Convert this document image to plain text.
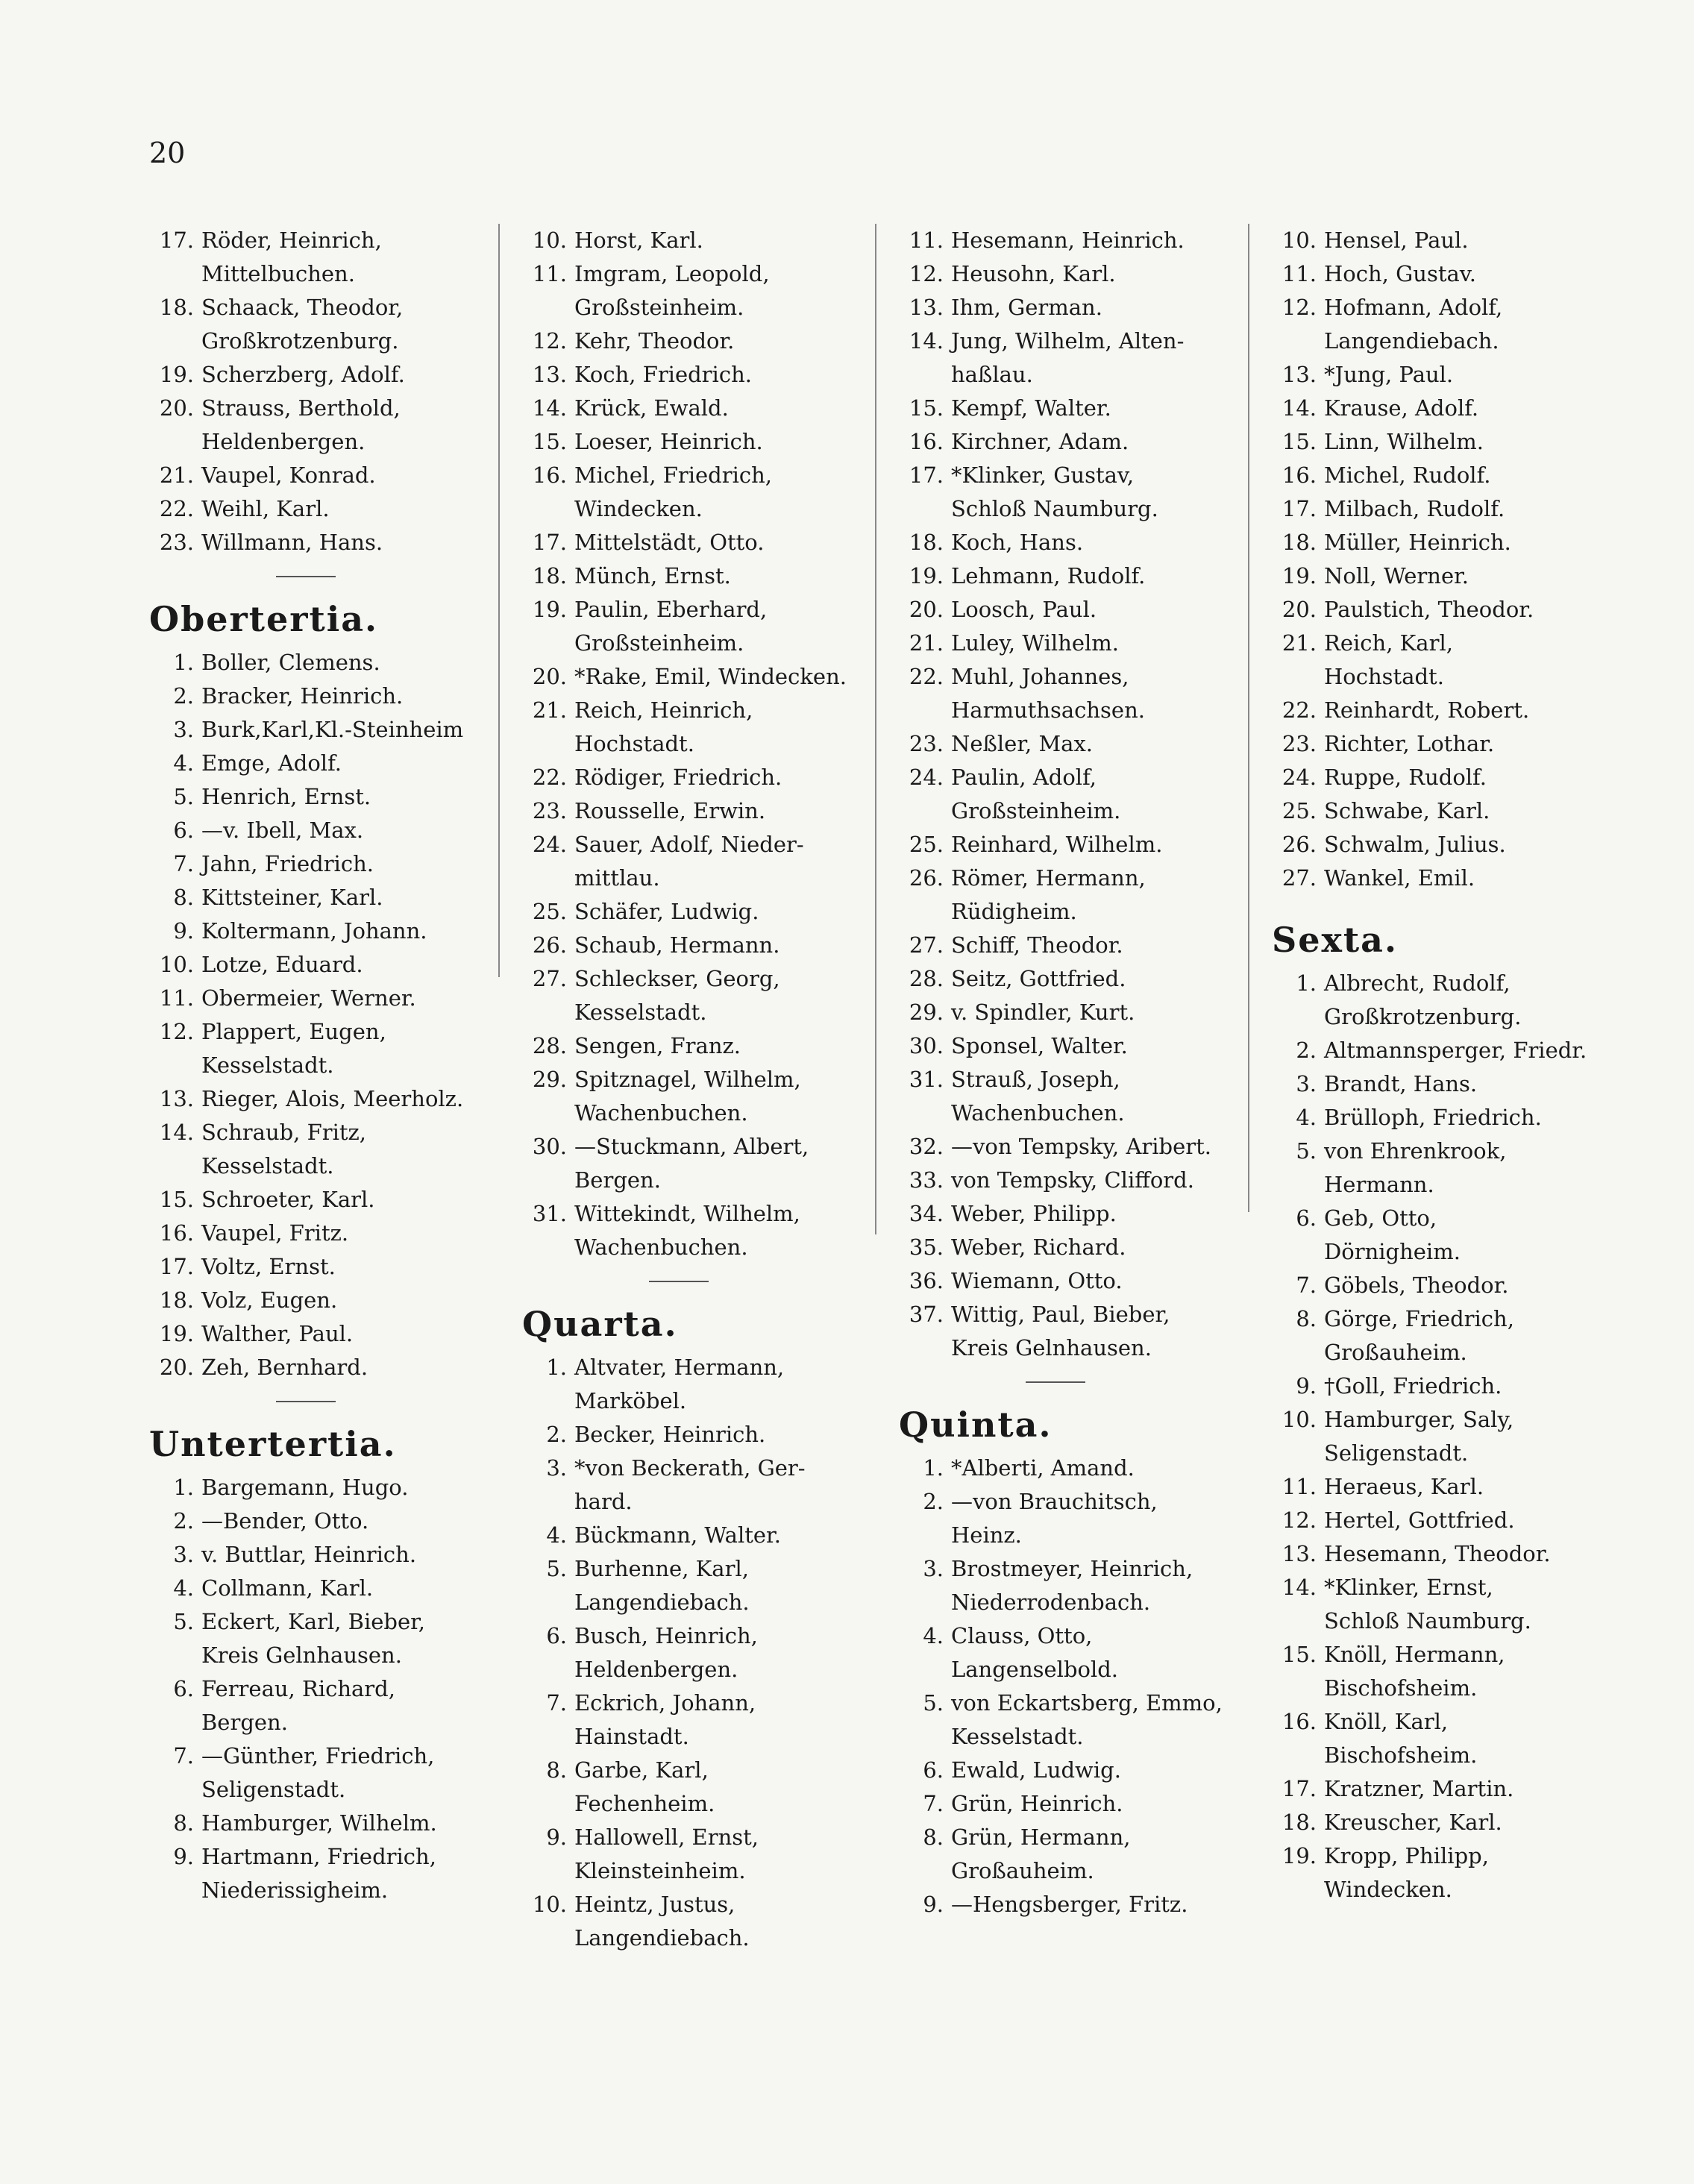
20
17. Röder, Heinrich,
Mittelbuchen.
18. Schaack, Theodor,
Großkrotzenburg.
19. Scherzberg, Adolf.
20. Strauss, Berthold,
Heldenbergen.
21. Vaupel, Konrad.
22. Weihl, Karl.
23. Willmann, Hans.
Obertertia.
1. Boller, Clemens.
2. Bracker, Heinrich.
3. Burk,Karl,Kl.-Steinheim
4. Emge, Adolf.
5. Henrich, Ernst.
6. —v. Ibell, Max.
7. Jahn, Friedrich.
8. Kittsteiner, Karl.
9. Koltermann, Johann.
10. Lotze, Eduard.
11. Obermeier, Werner.
12. Plappert, Eugen,
Kesselstadt.
13. Rieger, Alois, Meerholz.
14. Schraub, Fritz,
Kesselstadt.
15. Schroeter, Karl.
16. Vaupel, Fritz.
17. Voltz, Ernst.
18. Volz, Eugen.
19. Walther, Paul.
20. Zeh, Bernhard.
Untertertia.
1. Bargemann, Hugo.
2. —Bender, Otto.
3. v. Buttlar, Heinrich.
4. Collmann, Karl.
5. Eckert, Karl, Bieber,
Kreis Gelnhausen.
6. Ferreau, Richard,
Bergen.
7. —Günther, Friedrich,
Seligenstadt.
8. Hamburger, Wilhelm.
9. Hartmann, Friedrich,
Niederissigheim.
10. Horst, Karl.
11. Imgram, Leopold,
Großsteinheim.
12. Kehr, Theodor.
13. Koch, Friedrich.
14. Krück, Ewald.
15. Loeser, Heinrich.
16. Michel, Friedrich,
Windecken.
17. Mittelstädt, Otto.
18. Münch, Ernst.
19. Paulin, Eberhard,
Großsteinheim.
20. *Rake, Emil, Windecken.
21. Reich, Heinrich,
Hochstadt.
22. Rödiger, Friedrich.
23. Rousselle, Erwin.
24. Sauer, Adolf, Nieder-
mittlau.
25. Schäfer, Ludwig.
26. Schaub, Hermann.
27. Schleckser, Georg,
Kesselstadt.
28. Sengen, Franz.
29. Spitznagel, Wilhelm,
Wachenbuchen.
30. —Stuckmann, Albert,
Bergen.
31. Wittekindt, Wilhelm,
Wachenbuchen.
Quarta.
1. Altvater, Hermann,
Marköbel.
2. Becker, Heinrich.
3. *von Beckerath, Ger-
hard.
4. Bückmann, Walter.
5. Burhenne, Karl,
Langendiebach.
6. Busch, Heinrich,
Heldenbergen.
7. Eckrich, Johann,
Hainstadt.
8. Garbe, Karl,
Fechenheim.
9. Hallowell, Ernst,
Kleinsteinheim.
10. Heintz, Justus,
Langendiebach.
11. Hesemann, Heinrich.
12. Heusohn, Karl.
13. Ihm, German.
14. Jung, Wilhelm, Alten-
haßlau.
15. Kempf, Walter.
16. Kirchner, Adam.
17. *Klinker, Gustav,
Schloß Naumburg.
18. Koch, Hans.
19. Lehmann, Rudolf.
20. Loosch, Paul.
21. Luley, Wilhelm.
22. Muhl, Johannes,
Harmuthsachsen.
23. Neßler, Max.
24. Paulin, Adolf,
Großsteinheim.
25. Reinhard, Wilhelm.
26. Römer, Hermann,
Rüdigheim.
27. Schiff, Theodor.
28. Seitz, Gottfried.
29. v. Spindler, Kurt.
30. Sponsel, Walter.
31. Strauß, Joseph,
Wachenbuchen.
32. —von Tempsky, Aribert.
33. von Tempsky, Clifford.
34. Weber, Philipp.
35. Weber, Richard.
36. Wiemann, Otto.
37. Wittig, Paul, Bieber,
Kreis Gelnhausen.
Quinta.
1. *Alberti, Amand.
2. —von Brauchitsch,
Heinz.
3. Brostmeyer, Heinrich,
Niederrodenbach.
4. Clauss, Otto,
Langenselbold.
5. von Eckartsberg, Emmo,
Kesselstadt.
6. Ewald, Ludwig.
7. Grün, Heinrich.
8. Grün, Hermann,
Großauheim.
9. —Hengsberger, Fritz.
10. Hensel, Paul.
11. Hoch, Gustav.
12. Hofmann, Adolf,
Langendiebach.
13. *Jung, Paul.
14. Krause, Adolf.
15. Linn, Wilhelm.
16. Michel, Rudolf.
17. Milbach, Rudolf.
18. Müller, Heinrich.
19. Noll, Werner.
20. Paulstich, Theodor.
21. Reich, Karl,
Hochstadt.
22. Reinhardt, Robert.
23. Richter, Lothar.
24. Ruppe, Rudolf.
25. Schwabe, Karl.
26. Schwalm, Julius.
27. Wankel, Emil.
Sexta.
1. Albrecht, Rudolf,
Großkrotzenburg.
2. Altmannsperger, Friedr.
3. Brandt, Hans.
4. Brülloph, Friedrich.
5. von Ehrenkrook,
Hermann.
6. Geb, Otto,
Dörnigheim.
7. Göbels, Theodor.
8. Görge, Friedrich,
Großauheim.
9. †Goll, Friedrich.
10. Hamburger, Saly,
Seligenstadt.
11. Heraeus, Karl.
12. Hertel, Gottfried.
13. Hesemann, Theodor.
14. *Klinker, Ernst,
Schloß Naumburg.
15. Knöll, Hermann,
Bischofsheim.
16. Knöll, Karl,
Bischofsheim.
17. Kratzner, Martin.
18. Kreuscher, Karl.
19. Kropp, Philipp,
Windecken.
